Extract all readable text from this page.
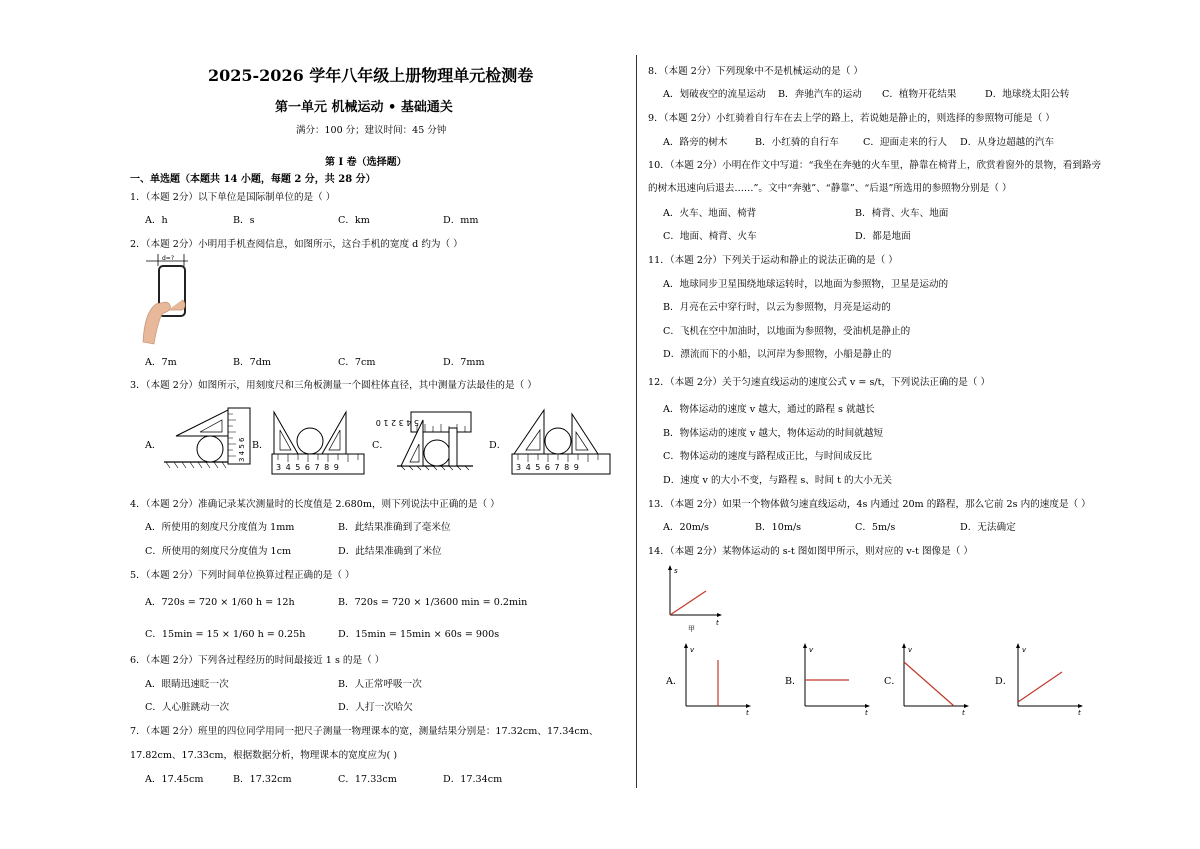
2025-2026 学年八年级上册物理单元检测卷
第一单元 机械运动 • 基础通关
满分：100 分；建议时间：45 分钟
第 I 卷（选择题）
一、单选题（本题共 14 小题，每题 2 分，共 28 分）
1．（本题 2分）以下单位是国际制单位的是（ ）
A．h	B．s	C．km	D．mm
2．（本题 2分）小明用手机查阅信息，如图所示，这台手机的宽度 d 约为（ ）
d=?
A．7m	B．7dm	C．7cm	D．7mm
3．（本题 2分）如图所示，用刻度尺和三角板测量一个圆柱体直径，其中测量方法最佳的是（ ）
A．	3 4 5 6 B．
3 4 5 6 7 8 9
C．
5 4 3 2 1 0
D．
3 4 5 6 7 8 9
4．（本题 2分）准确记录某次测量时的长度值是 2.680m，则下列说法中正确的是（ ）
A．所使用的刻度尺分度值为 1mm	B．此结果准确到了毫米位
C．所使用的刻度尺分度值为 1cm	D．此结果准确到了米位
5．（本题 2分）下列时间单位换算过程正确的是（ ）
A．720s = 720 × 1/60 h = 12h	B．720s = 720 × 1/3600 min = 0.2min
C．15min = 15 × 1/60 h = 0.25h	D．15min = 15min × 60s = 900s
6．（本题 2分）下列各过程经历的时间最接近 1 s 的是（ ）
A．眼睛迅速眨一次	B．人正常呼吸一次
C．人心脏跳动一次	D．人打一次哈欠
7．（本题 2分）班里的四位同学用同一把尺子测量一物理课本的宽，测量结果分别是：17.32cm、17.34cm、
17.82cm、17.33cm，根据数据分析，物理课本的宽度应为( )
A．17.45cm	B．17.32cm	C．17.33cm	D．17.34cm
8．（本题 2分）下列现象中不是机械运动的是（ ）
A．划破夜空的流星运动 B．奔驰汽车的运动 C．植物开花结果	D．地球绕太阳公转
9．（本题 2分）小红骑着自行车在去上学的路上，若说她是静止的，则选择的参照物可能是（ ）
A．路旁的树木	B．小红骑的自行车	C．迎面走来的行人 D．从身边超越的汽车
10．（本题 2分）小明在作文中写道：“我坐在奔驰的火车里，静靠在椅背上，欣赏着窗外的景物，看到路旁
的树木迅速向后退去……”。文中“奔驰”、“静靠”、“后退”所选用的参照物分别是（ ）
A．火车、地面、椅背	B．椅背、火车、地面
C．地面、椅背、火车	D．都是地面
11．（本题 2分）下列关于运动和静止的说法正确的是（ ）
A．地球同步卫星围绕地球运转时，以地面为参照物，卫星是运动的
B．月亮在云中穿行时，以云为参照物，月亮是运动的
C．飞机在空中加油时，以地面为参照物，受油机是静止的
D．漂流而下的小船，以河岸为参照物，小船是静止的
12．（本题 2分）关于匀速直线运动的速度公式 v = s/t，下列说法正确的是（ ）
A．物体运动的速度 v 越大，通过的路程 s 就越长
B．物体运动的速度 v 越大，物体运动的时间就越短
C．物体运动的速度与路程成正比，与时间成反比
D．速度 v 的大小不变，与路程 s、时间 t 的大小无关
13．（本题 2分）如果一个物体做匀速直线运动，4s 内通过 20m 的路程，那么它前 2s 内的速度是（ ）
A．20m/s	B．10m/s	C．5m/s	D．无法确定
14．（本题 2分）某物体运动的 s-t 图如图甲所示，则对应的 v-t 图像是（ ）
s
t
甲
A．
v
t
B．
v
t
C．
v
t
D．
v
t
